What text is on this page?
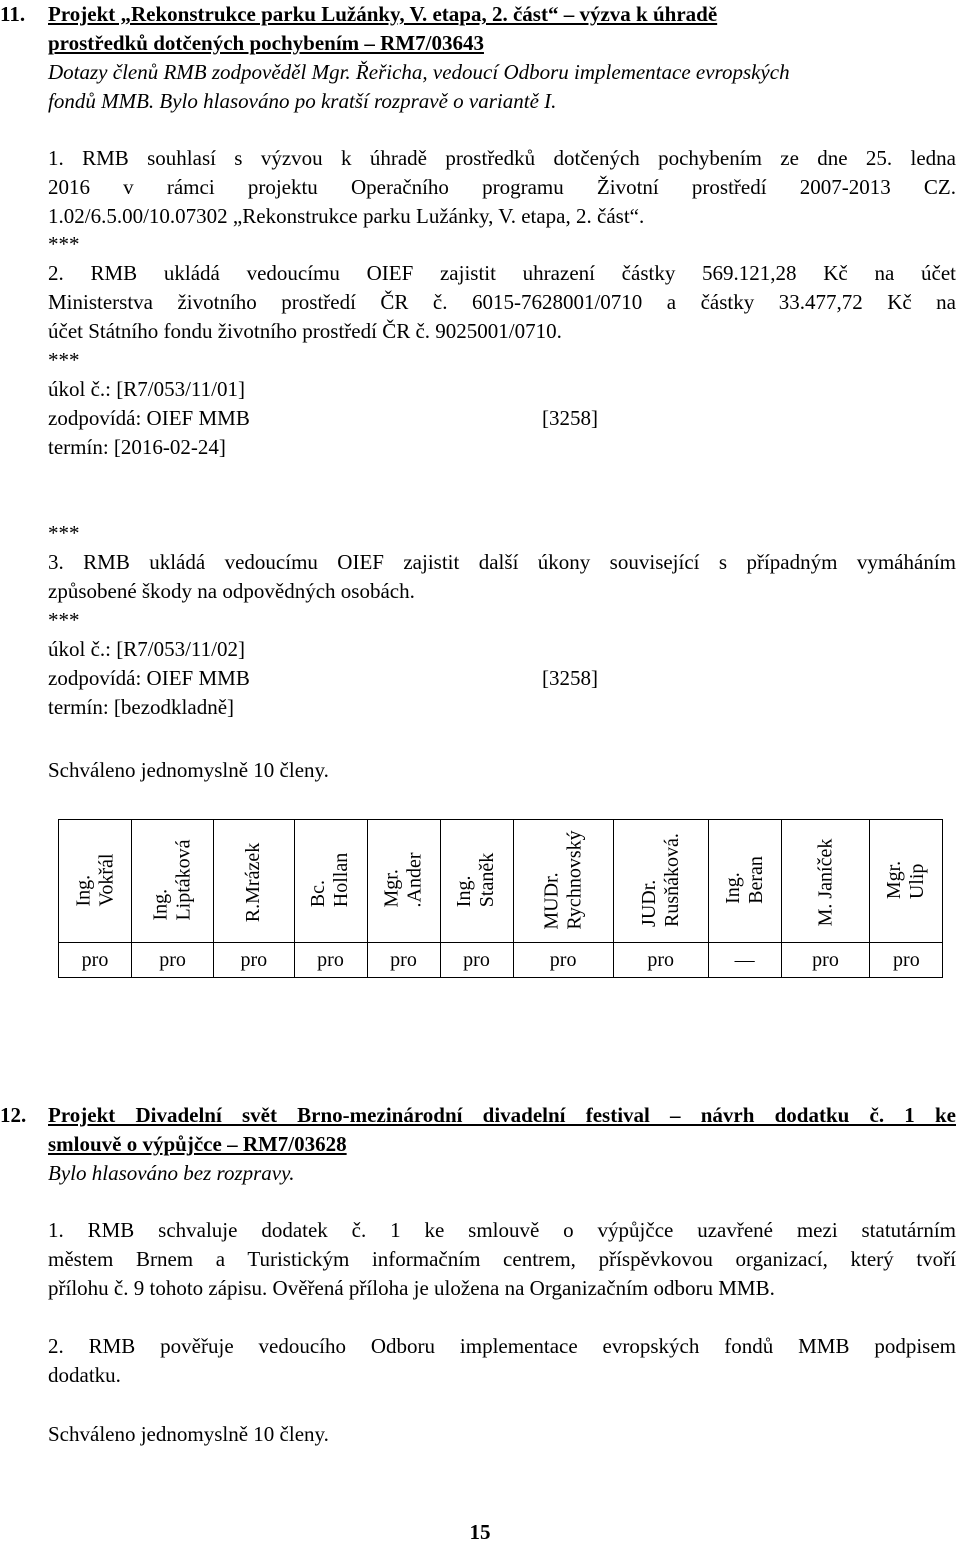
11.	Projekt „Rekonstrukce parku Lužánky, V. etapa, 2. část“ – výzva k úhradě

prostředků dotčených pochybením – RM7/03643

Dotazy členů RMB zodpověděl Mgr. Řeřicha, vedoucí Odboru implementace evropských

fondů MMB. Bylo hlasováno po kratší rozpravě o variantě I.

1. RMB souhlasí s výzvou k úhradě prostředků dotčených pochybením ze dne 25. ledna

2016 v rámci projektu Operačního programu Životní prostředí 2007-2013 CZ.

1.02/6.5.00/10.07302 „Rekonstrukce parku Lužánky, V. etapa, 2. část“.

***

2. RMB ukládá vedoucímu OIEF zajistit uhrazení částky 569.121,28 Kč na účet

Ministerstva životního prostředí ČR č. 6015-7628001/0710 a částky 33.477,72 Kč na

účet Státního fondu životního prostředí ČR č. 9025001/0710.

***

úkol č.: [R7/053/11/01]

zodpovídá: OIEF MMB	[3258]

termín: [2016-02-24]

***

3. RMB ukládá vedoucímu OIEF zajistit další úkony související s případným vymáháním

způsobené škody na odpovědných osobách.

***

úkol č.: [R7/053/11/02]

zodpovídá: OIEF MMB	[3258]

termín: [bezodkladně]

Schváleno jednomyslně 10 členy.

Ing.
Vokřál	Ing.
Liptáková	R.Mrázek	Bc.
Hollan	Mgr.
.Ander	Ing.
Staněk	MUDr.
Rychnovský	JUDr.
Rusňáková.	Ing.
Beran	M. Janíček	Mgr.
Ulip
pro	pro	pro	pro	pro	pro	pro	pro	––	pro	pro
12.	Projekt Divadelní svět Brno-mezinárodní divadelní festival – návrh dodatku č. 1 ke

smlouvě o výpůjčce – RM7/03628

Bylo hlasováno bez rozpravy.

1. RMB schvaluje dodatek č. 1 ke smlouvě o výpůjčce uzavřené mezi statutárním

městem Brnem a Turistickým informačním centrem, příspěvkovou organizací, který tvoří

přílohu č. 9 tohoto zápisu. Ověřená příloha je uložena na Organizačním odboru MMB.

2. RMB pověřuje vedoucího Odboru implementace evropských fondů MMB podpisem

dodatku.

Schváleno jednomyslně 10 členy.

15
